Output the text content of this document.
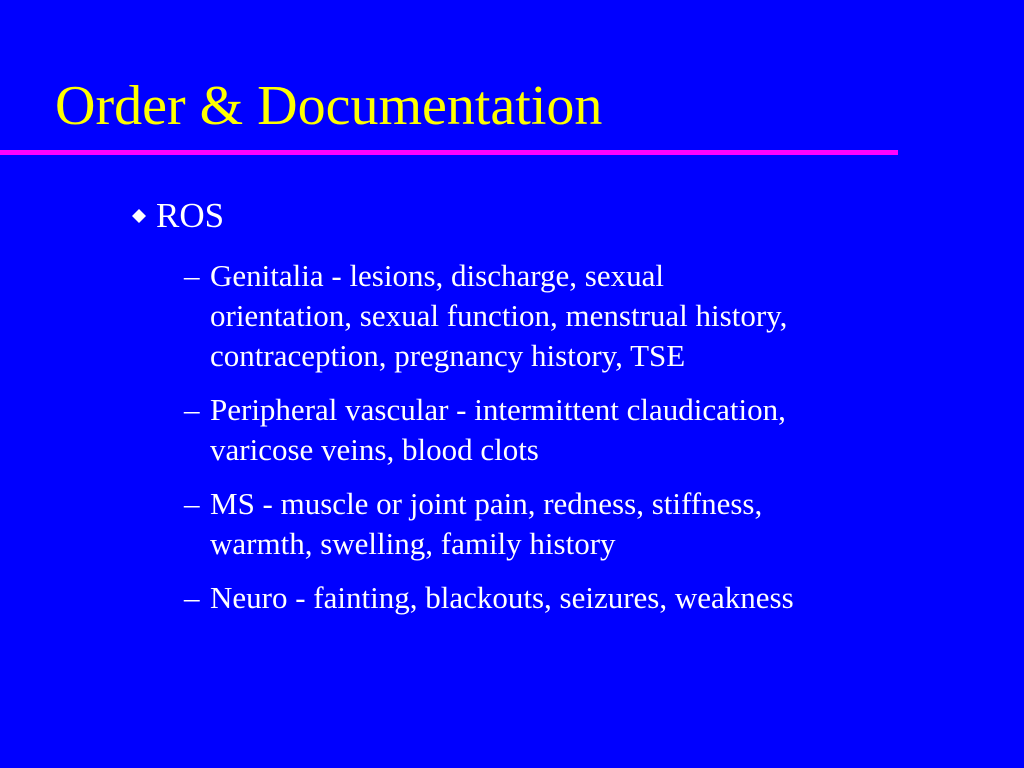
Order & Documentation
ROS
– Genitalia - lesions, discharge, sexual
orientation, sexual function, menstrual history,
contraception, pregnancy history, TSE
– Peripheral vascular - intermittent claudication,
varicose veins, blood clots
– MS - muscle or joint pain, redness, stiffness,
warmth, swelling, family history
– Neuro - fainting, blackouts, seizures, weakness
